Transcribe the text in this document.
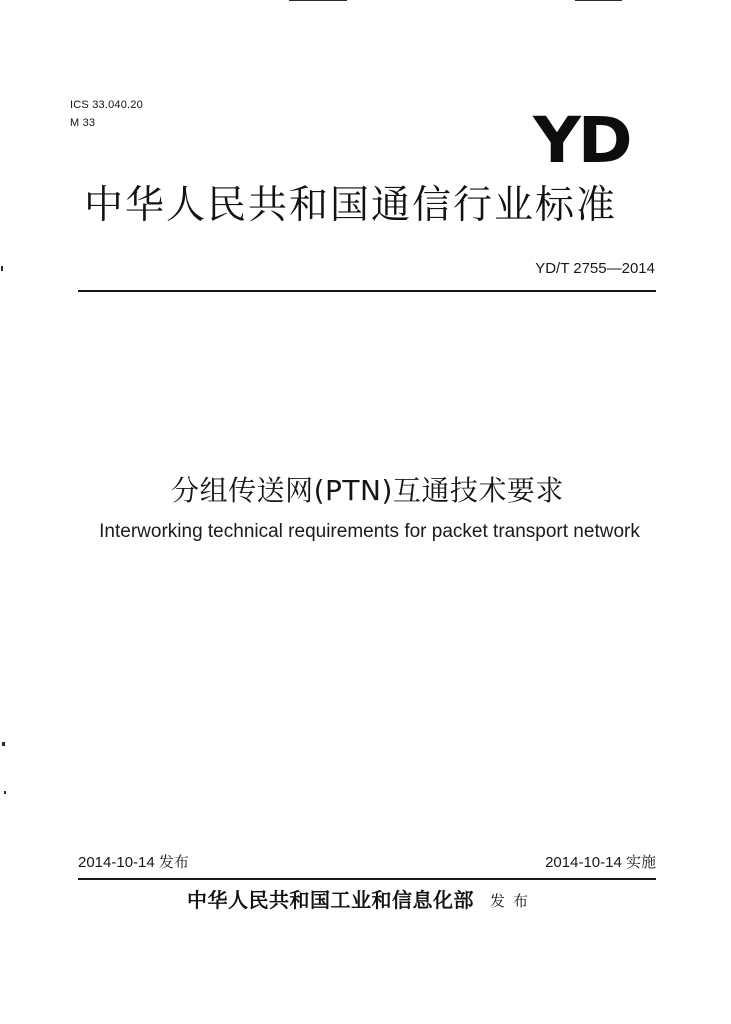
ICS 33.040.20
M 33	YD
中华人民共和国通信行业标准
YD/T 2755—2014
分组传送网(PTN)互通技术要求
Interworking technical requirements for packet transport network
2014-10-14 发布	2014-10-14 实施
中华人民共和国工业和信息化部 发布
